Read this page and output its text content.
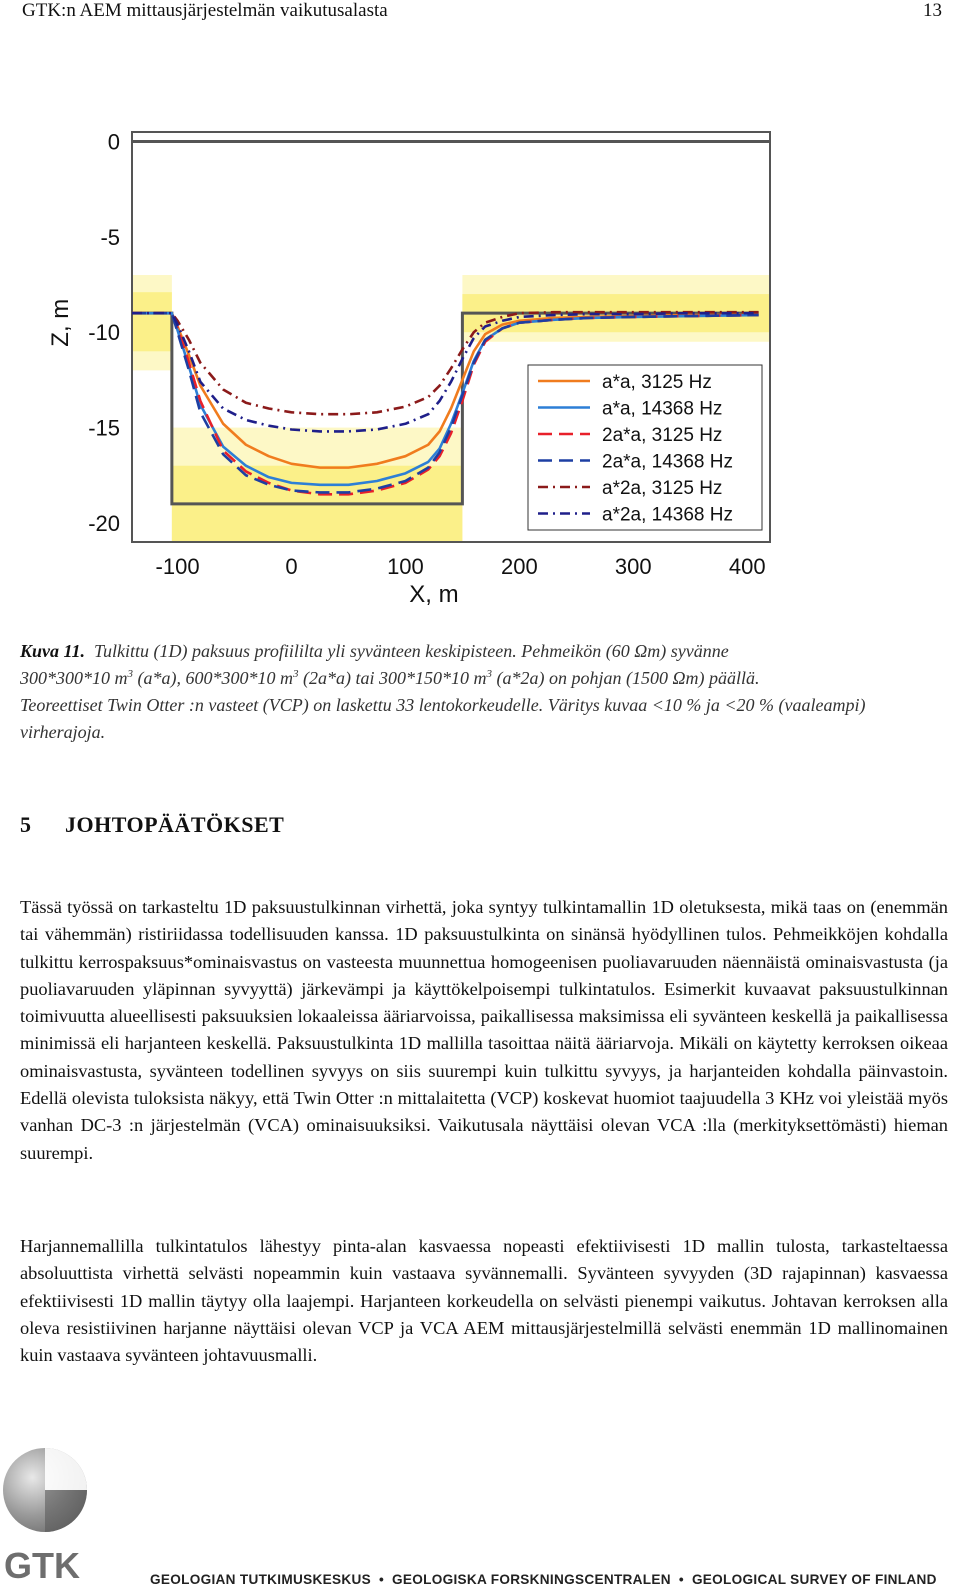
GTK:n AEM mittausjärjestelmän vaikutusalasta	13
-100	0	100	200	300	400
0
-5
-10
-15
-20
X, m
Z, m
a*a, 3125 Hz
a*a, 14368 Hz
2a*a, 3125 Hz
2a*a, 14368 Hz
a*2a, 3125 Hz
a*2a, 14368 Hz
Kuva 11. Tulkittu (1D) paksuus profiililta yli syvänteen keskipisteen. Pehmeikön (60 Ωm) syvänne
300*300*10 $m^3$ (a*a), 600*300*10 $m^3$ (2a*a) tai 300*150*10 $m^3$ (a*2a) on pohjan (1500 Ωm) päällä.
Teoreettiset Twin Otter :n vasteet (VCP) on laskettu 33 lentokorkeudelle. Väritys kuvaa <10 % ja <20 % (vaaleampi) virherajoja.
5 JOHTOPÄÄTÖKSET

Tässä työssä on tarkasteltu 1D paksuustulkinnan virhettä, joka syntyy tulkintamallin 1D oletuksesta, mikä taas on (enemmän tai vähemmän) ristiriidassa todellisuuden kanssa. 1D paksuustulkinta on sinänsä hyödyllinen tulos. Pehmeikköjen kohdalla tulkittu kerrospaksuus*ominaisvastus on vasteesta muunnettua homogeenisen puoliavaruuden näennäistä ominaisvastusta (ja puoliavaruuden yläpinnan syvyyttä) järkevämpi ja käyttökelpoisempi tulkintatulos. Esimerkit kuvaavat paksuustulkinnan toimivuutta alueellisesti paksuuksien lokaaleissa ääriarvoissa, paikallisessa maksimissa eli syvänteen keskellä ja paikallisessa minimissä eli harjanteen keskellä. Paksuustulkinta 1D mallilla tasoittaa näitä ääriarvoja. Mikäli on käytetty kerroksen oikeaa ominaisvastusta, syvänteen todellinen syvyys on siis suurempi kuin tulkittu syvyys, ja harjanteiden kohdalla päinvastoin. Edellä olevista tuloksista näkyy, että Twin Otter :n mittalaitetta (VCP) koskevat huomiot taajuudella 3 KHz voi yleistää myös vanhan DC-3 :n järjestelmän (VCA) ominaisuuksiksi. Vaikutusala näyttäisi olevan VCA :lla (merkityksettömästi) hieman suurempi.

Harjannemallilla tulkintatulos lähestyy pinta-alan kasvaessa nopeasti efektiivisesti 1D mallin tulosta, tarkasteltaessa absoluuttista virhettä selvästi nopeammin kuin vastaava syvännemalli. Syvänteen syvyyden (3D rajapinnan) kasvaessa efektiivisesti 1D mallin täytyy olla laajempi. Harjanteen korkeudella on selvästi pienempi vaikutus. Johtavan kerroksen alla oleva resistiivinen harjanne näyttäisi olevan VCP ja VCA AEM mittausjärjestelmillä selvästi enemmän 1D mallinomainen kuin vastaava syvänteen johtavuusmalli.

GTK	GEOLOGIAN TUTKIMUSKESKUS • GEOLOGISKA FORSKNINGSCENTRALEN • GEOLOGICAL SURVEY OF FINLAND
